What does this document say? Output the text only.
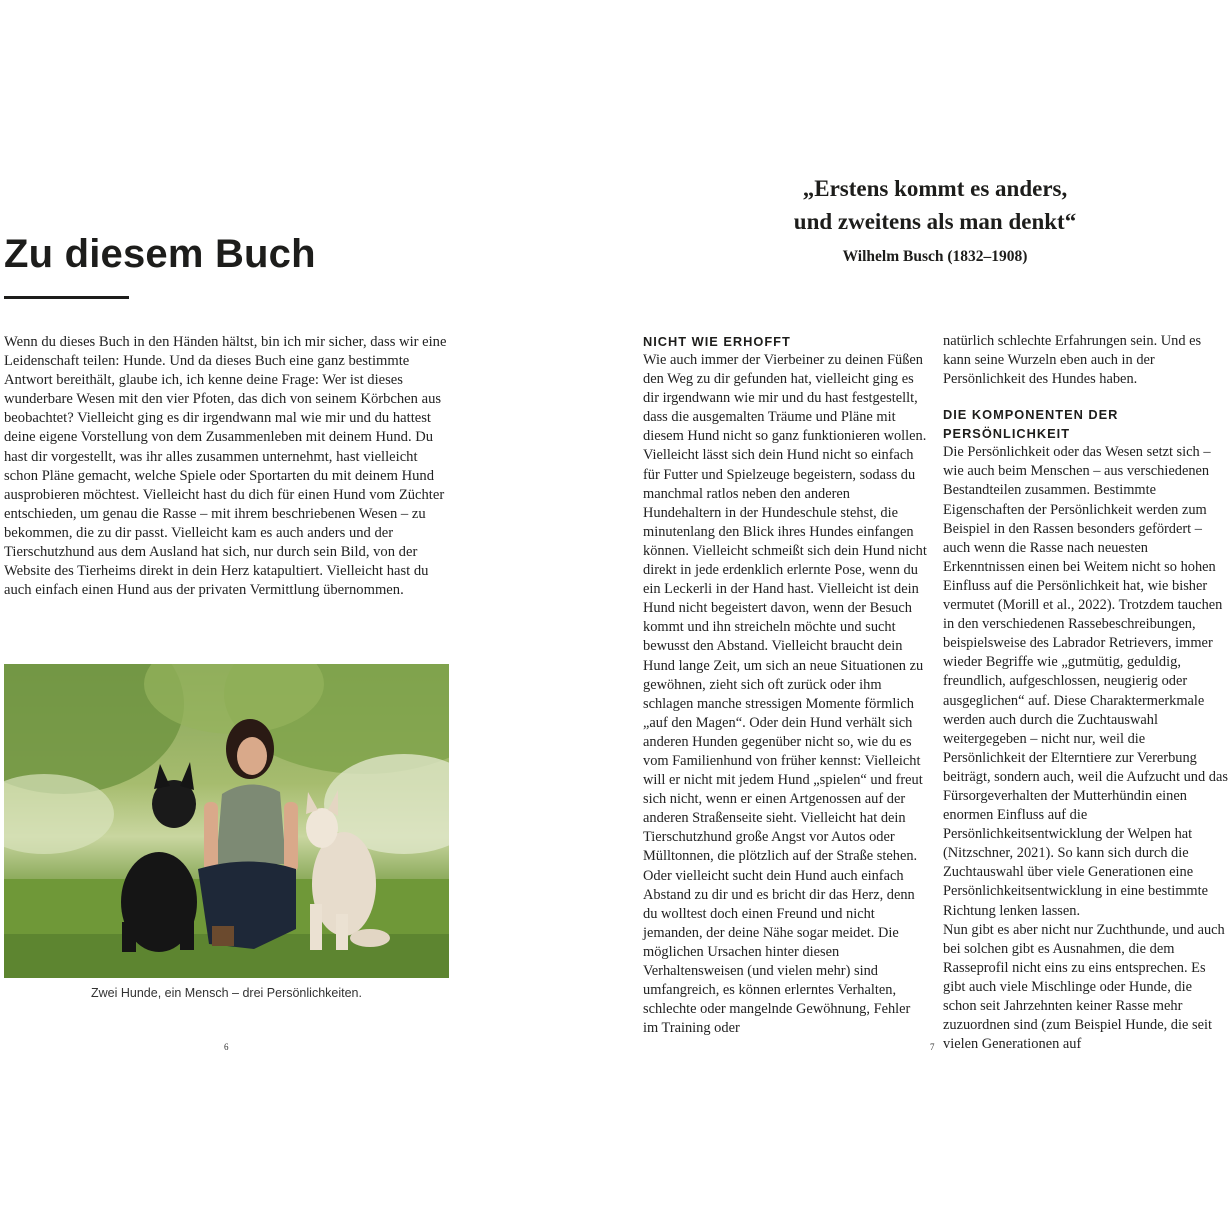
Zu diesem Buch

Wenn du dieses Buch in den Händen hältst, bin ich mir sicher, dass wir eine Leidenschaft teilen: Hunde. Und da dieses Buch eine ganz bestimmte Antwort bereithält, glaube ich, ich kenne deine Frage: Wer ist dieses wunderbare Wesen mit den vier Pfoten, das dich von seinem Körbchen aus beobachtet? Vielleicht ging es dir irgendwann mal wie mir und du hattest deine eigene Vorstellung von dem Zusammenleben mit deinem Hund. Du hast dir vorgestellt, was ihr alles zusammen unternehmt, hast vielleicht schon Pläne gemacht, welche Spiele oder Sportarten du mit deinem Hund ausprobieren möchtest. Vielleicht hast du dich für einen Hund vom Züchter entschieden, um genau die Rasse – mit ihrem beschriebenen Wesen – zu bekommen, die zu dir passt. Vielleicht kam es auch anders und der Tierschutzhund aus dem Ausland hat sich, nur durch sein Bild, von der Website des Tierheims direkt in dein Herz katapultiert. Vielleicht hast du auch einfach einen Hund aus der privaten Vermittlung übernommen.

Zwei Hunde, ein Mensch – drei Persönlichkeiten.
6
„Erstens kommt es anders,
und zweitens als man denkt“
Wilhelm Busch (1832–1908)
NICHT WIE ERHOFFT

Wie auch immer der Vierbeiner zu deinen Füßen den Weg zu dir gefunden hat, vielleicht ging es dir irgendwann wie mir und du hast festgestellt, dass die ausgemalten Träume und Pläne mit diesem Hund nicht so ganz funktionieren wollen. Vielleicht lässt sich dein Hund nicht so einfach für Futter und Spielzeuge begeistern, sodass du manchmal ratlos neben den anderen Hundehaltern in der Hundeschule stehst, die minutenlang den Blick ihres Hundes einfangen können. Vielleicht schmeißt sich dein Hund nicht direkt in jede erdenklich erlernte Pose, wenn du ein Leckerli in der Hand hast. Vielleicht ist dein Hund nicht begeistert davon, wenn der Besuch kommt und ihn streicheln möchte und sucht bewusst den Abstand. Vielleicht braucht dein Hund lange Zeit, um sich an neue Situationen zu gewöhnen, zieht sich oft zurück oder ihm schlagen manche stressigen Momente förmlich „auf den Magen“. Oder dein Hund verhält sich anderen Hunden gegenüber nicht so, wie du es vom Familienhund von früher kennst: Vielleicht will er nicht mit jedem Hund „spielen“ und freut sich nicht, wenn er einen Artgenossen auf der anderen Straßenseite sieht. Vielleicht hat dein Tierschutzhund große Angst vor Autos oder Mülltonnen, die plötzlich auf der Straße stehen. Oder vielleicht sucht dein Hund auch einfach Abstand zu dir und es bricht dir das Herz, denn du wolltest doch einen Freund und nicht jemanden, der deine Nähe sogar meidet. Die möglichen Ursachen hinter diesen Verhaltensweisen (und vielen mehr) sind umfangreich, es können erlerntes Verhalten, schlechte oder mangelnde Gewöhnung, Fehler im Training oder

natürlich schlechte Erfahrungen sein. Und es kann seine Wurzeln eben auch in der Persönlichkeit des Hundes haben.

DIE KOMPONENTEN DER PERSÖNLICHKEIT

Die Persönlichkeit oder das Wesen setzt sich – wie auch beim Menschen – aus verschiedenen Bestandteilen zusammen. Bestimmte Eigenschaften der Persönlichkeit werden zum Beispiel in den Rassen besonders gefördert – auch wenn die Rasse nach neuesten Erkenntnissen einen bei Weitem nicht so hohen Einfluss auf die Persönlichkeit hat, wie bisher vermutet (Morill et al., 2022). Trotzdem tauchen in den verschiedenen Rassebeschreibungen, beispielsweise des Labrador Retrievers, immer wieder Begriffe wie „gutmütig, geduldig, freundlich, aufgeschlossen, neugierig oder ausgeglichen“ auf. Diese Charaktermerkmale werden auch durch die Zuchtauswahl weitergegeben – nicht nur, weil die Persönlichkeit der Elterntiere zur Vererbung beiträgt, sondern auch, weil die Aufzucht und das Fürsorgeverhalten der Mutterhündin einen enormen Einfluss auf die Persönlichkeitsentwicklung der Welpen hat (Nitzschner, 2021). So kann sich durch die Zuchtauswahl über viele Generationen eine Persönlichkeitsentwicklung in eine bestimmte Richtung lenken lassen.

Nun gibt es aber nicht nur Zuchthunde, und auch bei solchen gibt es Ausnahmen, die dem Rasseprofil nicht eins zu eins entsprechen. Es gibt auch viele Mischlinge oder Hunde, die schon seit Jahrzehnten keiner Rasse mehr zuzuordnen sind (zum Beispiel Hunde, die seit vielen Generationen auf

7
